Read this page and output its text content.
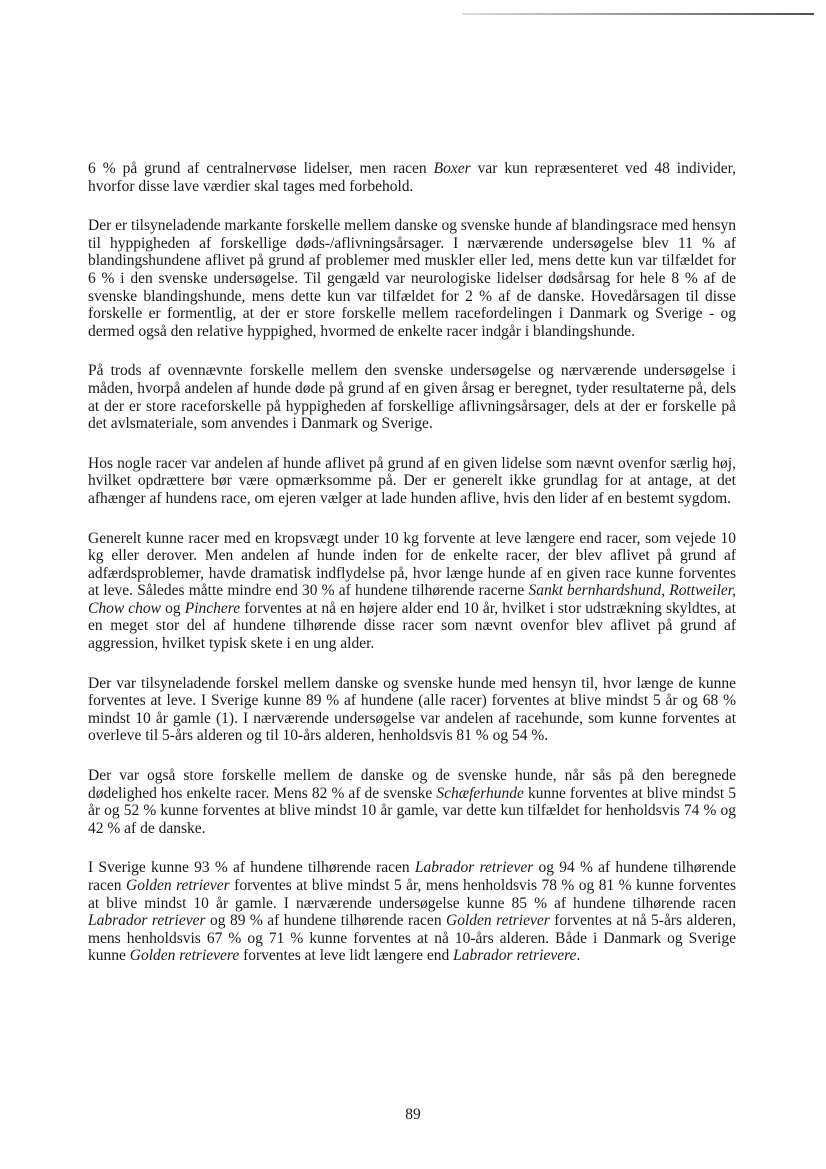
6 % på grund af centralnervøse lidelser, men racen Boxer var kun repræsenteret ved 48 individer, hvorfor disse lave værdier skal tages med forbehold.

Der er tilsyneladende markante forskelle mellem danske og svenske hunde af blandingsrace med hensyn til hyppigheden af forskellige døds-/aflivningsårsager. I nærværende undersøgelse blev 11 % af blandingshundene aflivet på grund af problemer med muskler eller led, mens dette kun var tilfældet for 6 % i den svenske undersøgelse. Til gengæld var neurologiske lidelser dødsårsag for hele 8 % af de svenske blandingshunde, mens dette kun var tilfældet for 2 % af de danske. Hovedårsagen til disse forskelle er formentlig, at der er store forskelle mellem racefordelingen i Danmark og Sverige - og dermed også den relative hyppighed, hvormed de enkelte racer indgår i blandingshunde.

På trods af ovennævnte forskelle mellem den svenske undersøgelse og nærværende undersøgelse i måden, hvorpå andelen af hunde døde på grund af en given årsag er beregnet, tyder resultaterne på, dels at der er store raceforskelle på hyppigheden af forskellige aflivningsårsager, dels at der er forskelle på det avlsmateriale, som anvendes i Danmark og Sverige.

Hos nogle racer var andelen af hunde aflivet på grund af en given lidelse som nævnt ovenfor særlig høj, hvilket opdrættere bør være opmærksomme på. Der er generelt ikke grundlag for at antage, at det afhænger af hundens race, om ejeren vælger at lade hunden aflive, hvis den lider af en bestemt sygdom.

Generelt kunne racer med en kropsvægt under 10 kg forvente at leve længere end racer, som vejede 10 kg eller derover. Men andelen af hunde inden for de enkelte racer, der blev aflivet på grund af adfærdsproblemer, havde dramatisk indflydelse på, hvor længe hunde af en given race kunne forventes at leve. Således måtte mindre end 30 % af hundene tilhørende racerne Sankt bernhardshund, Rottweiler, Chow chow og Pinchere forventes at nå en højere alder end 10 år, hvilket i stor udstrækning skyldtes, at en meget stor del af hundene tilhørende disse racer som nævnt ovenfor blev aflivet på grund af aggression, hvilket typisk skete i en ung alder.

Der var tilsyneladende forskel mellem danske og svenske hunde med hensyn til, hvor længe de kunne forventes at leve. I Sverige kunne 89 % af hundene (alle racer) forventes at blive mindst 5 år og 68 % mindst 10 år gamle (1). I nærværende undersøgelse var andelen af racehunde, som kunne forventes at overleve til 5-års alderen og til 10-års alderen, henholdsvis 81 % og 54 %.

Der var også store forskelle mellem de danske og de svenske hunde, når sås på den beregnede dødelighed hos enkelte racer. Mens 82 % af de svenske Schæferhunde kunne forventes at blive mindst 5 år og 52 % kunne forventes at blive mindst 10 år gamle, var dette kun tilfældet for henholdsvis 74 % og 42 % af de danske.

I Sverige kunne 93 % af hundene tilhørende racen Labrador retriever og 94 % af hundene tilhørende racen Golden retriever forventes at blive mindst 5 år, mens henholdsvis 78 % og 81 % kunne forventes at blive mindst 10 år gamle. I nærværende undersøgelse kunne 85 % af hundene tilhørende racen Labrador retriever og 89 % af hundene tilhørende racen Golden retriever forventes at nå 5-års alderen, mens henholdsvis 67 % og 71 % kunne forventes at nå 10-års alderen. Både i Danmark og Sverige kunne Golden retrievere forventes at leve lidt længere end Labrador retrievere.

89
